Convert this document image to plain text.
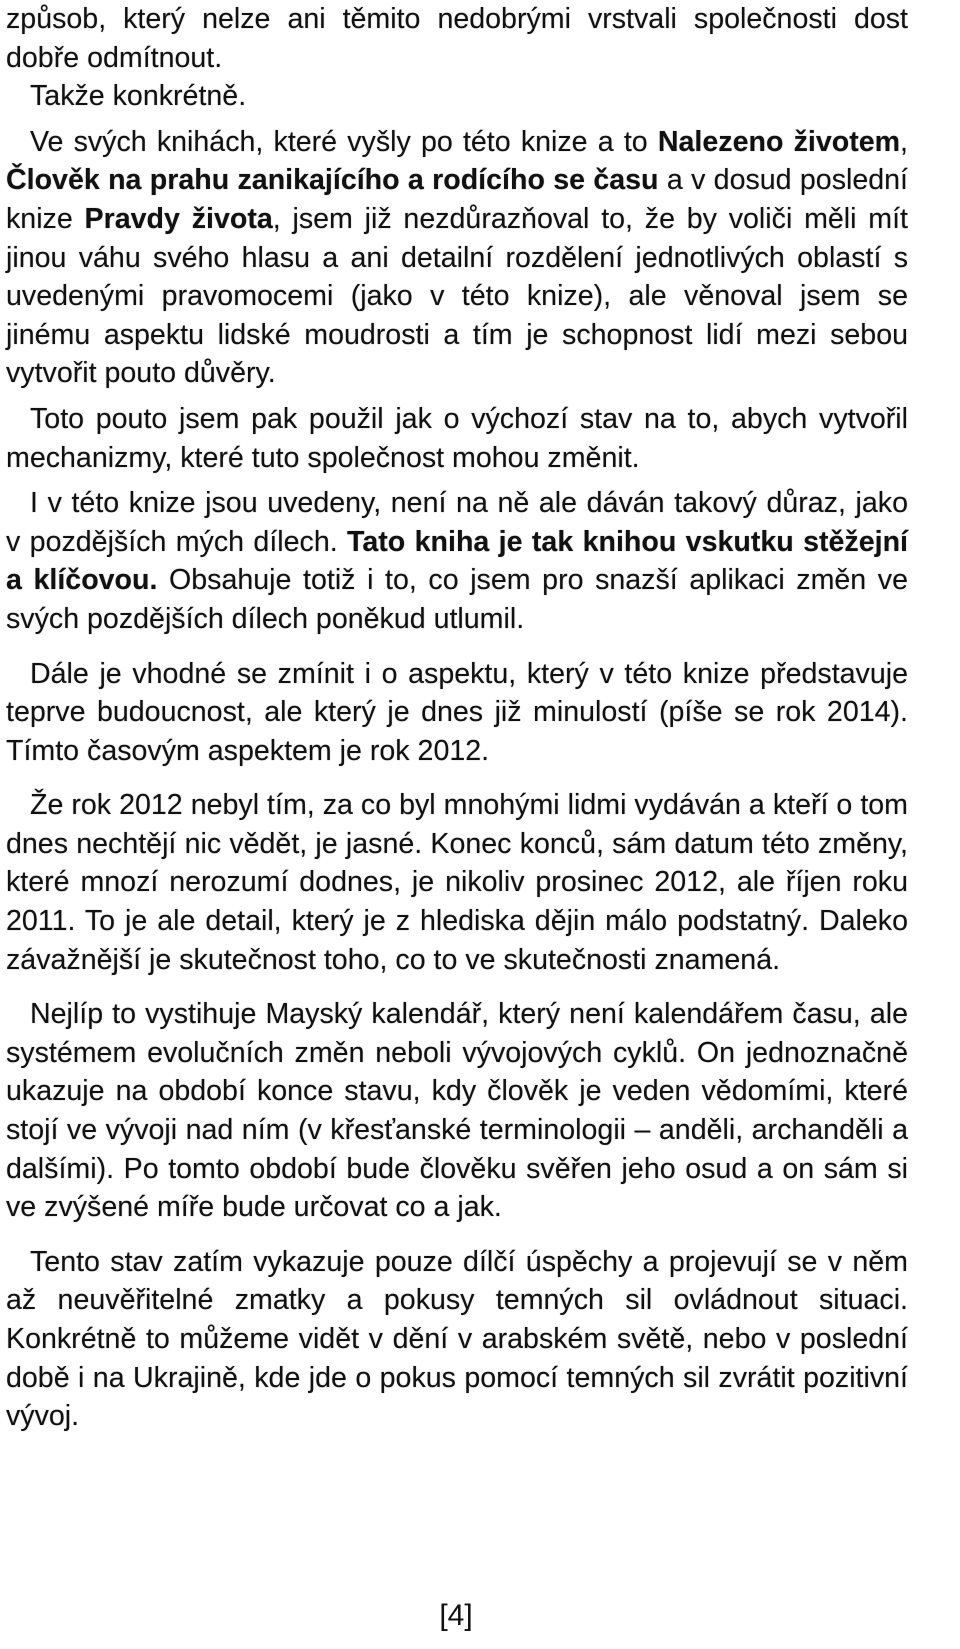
způsob, který nelze ani těmito nedobrými vrstvali společnosti dost dobře odmítnout.

Takže konkrétně.

Ve svých knihách, které vyšly po této knize a to Nalezeno životem, Člověk na prahu zanikajícího a rodícího se času a v dosud poslední knize Pravdy života, jsem již nezdůrazňoval to, že by voliči měli mít jinou váhu svého hlasu a ani detailní rozdělení jednotlivých oblastí s uvedenými pravomocemi (jako v této knize), ale věnoval jsem se jinému aspektu lidské moudrosti a tím je schopnost lidí mezi sebou vytvořit pouto důvěry.

Toto pouto jsem pak použil jak o výchozí stav na to, abych vytvořil mechanizmy, které tuto společnost mohou změnit.

I v této knize jsou uvedeny, není na ně ale dáván takový důraz, jako v pozdějších mých dílech. Tato kniha je tak knihou vskutku stěžejní a klíčovou. Obsahuje totiž i to, co jsem pro snazší aplikaci změn ve svých pozdějších dílech poněkud utlumil.

Dále je vhodné se zmínit i o aspektu, který v této knize představuje teprve budoucnost, ale který je dnes již minulostí (píše se rok 2014). Tímto časovým aspektem je rok 2012.

Že rok 2012 nebyl tím, za co byl mnohými lidmi vydáván a kteří o tom dnes nechtějí nic vědět, je jasné. Konec konců, sám datum této změny, které mnozí nerozumí dodnes, je nikoliv prosinec 2012, ale říjen roku 2011. To je ale detail, který je z hlediska dějin málo podstatný. Daleko závažnější je skutečnost toho, co to ve skutečnosti znamená.

Nejlíp to vystihuje Mayský kalendář, který není kalendářem času, ale systémem evolučních změn neboli vývojových cyklů. On jednoznačně ukazuje na období konce stavu, kdy člověk je veden vědomími, které stojí ve vývoji nad ním (v křesťanské terminologii – anděli, archanděli a dalšími). Po tomto období bude člověku svěřen jeho osud a on sám si ve zvýšené míře bude určovat co a jak.

Tento stav zatím vykazuje pouze dílčí úspěchy a projevují se v něm až neuvěřitelné zmatky a pokusy temných sil ovládnout situaci. Konkrétně to můžeme vidět v dění v arabském světě, nebo v poslední době i na Ukrajině, kde jde o pokus pomocí temných sil zvrátit pozitivní vývoj.

[4]
